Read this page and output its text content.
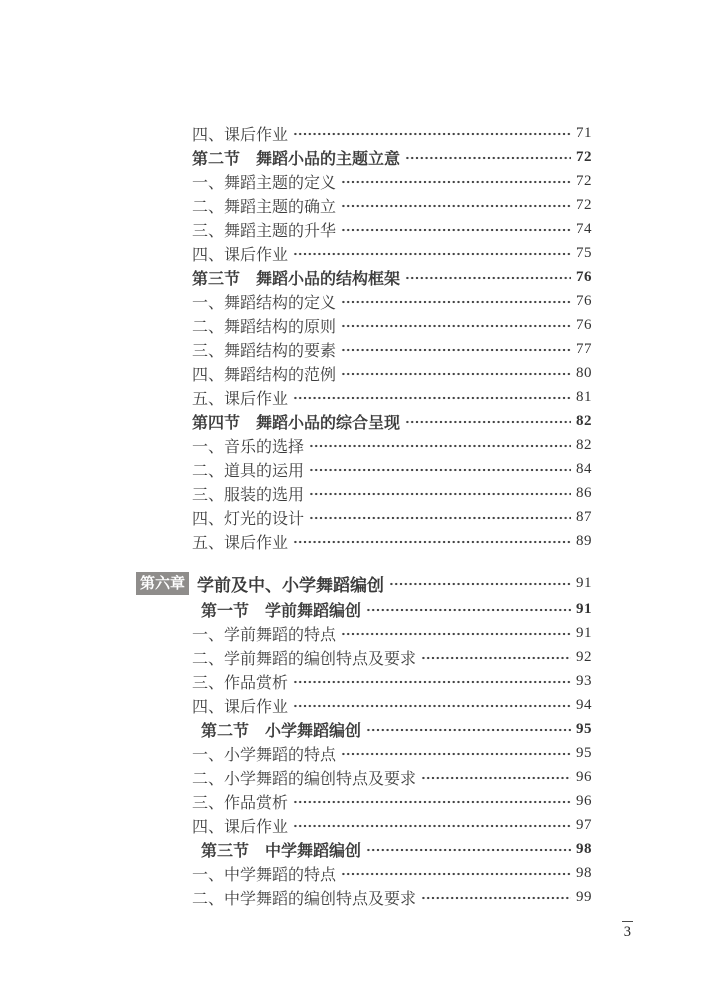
四、课后作业	71
第二节　舞蹈小品的主题立意	72
一、舞蹈主题的定义	72
二、舞蹈主题的确立	72
三、舞蹈主题的升华	74
四、课后作业	75
第三节　舞蹈小品的结构框架	76
一、舞蹈结构的定义	76
二、舞蹈结构的原则	76
三、舞蹈结构的要素	77
四、舞蹈结构的范例	80
五、课后作业	81
第四节　舞蹈小品的综合呈现	82
一、音乐的选择	82
二、道具的运用	84
三、服装的选用	86
四、灯光的设计	87
五、课后作业	89
第六章 学前及中、小学舞蹈编创	91
第一节　学前舞蹈编创	91
一、学前舞蹈的特点	91
二、学前舞蹈的编创特点及要求	92
三、作品赏析	93
四、课后作业	94
第二节　小学舞蹈编创	95
一、小学舞蹈的特点	95
二、小学舞蹈的编创特点及要求	96
三、作品赏析	96
四、课后作业	97
第三节　中学舞蹈编创	98
一、中学舞蹈的特点	98
二、中学舞蹈的编创特点及要求	99
3
